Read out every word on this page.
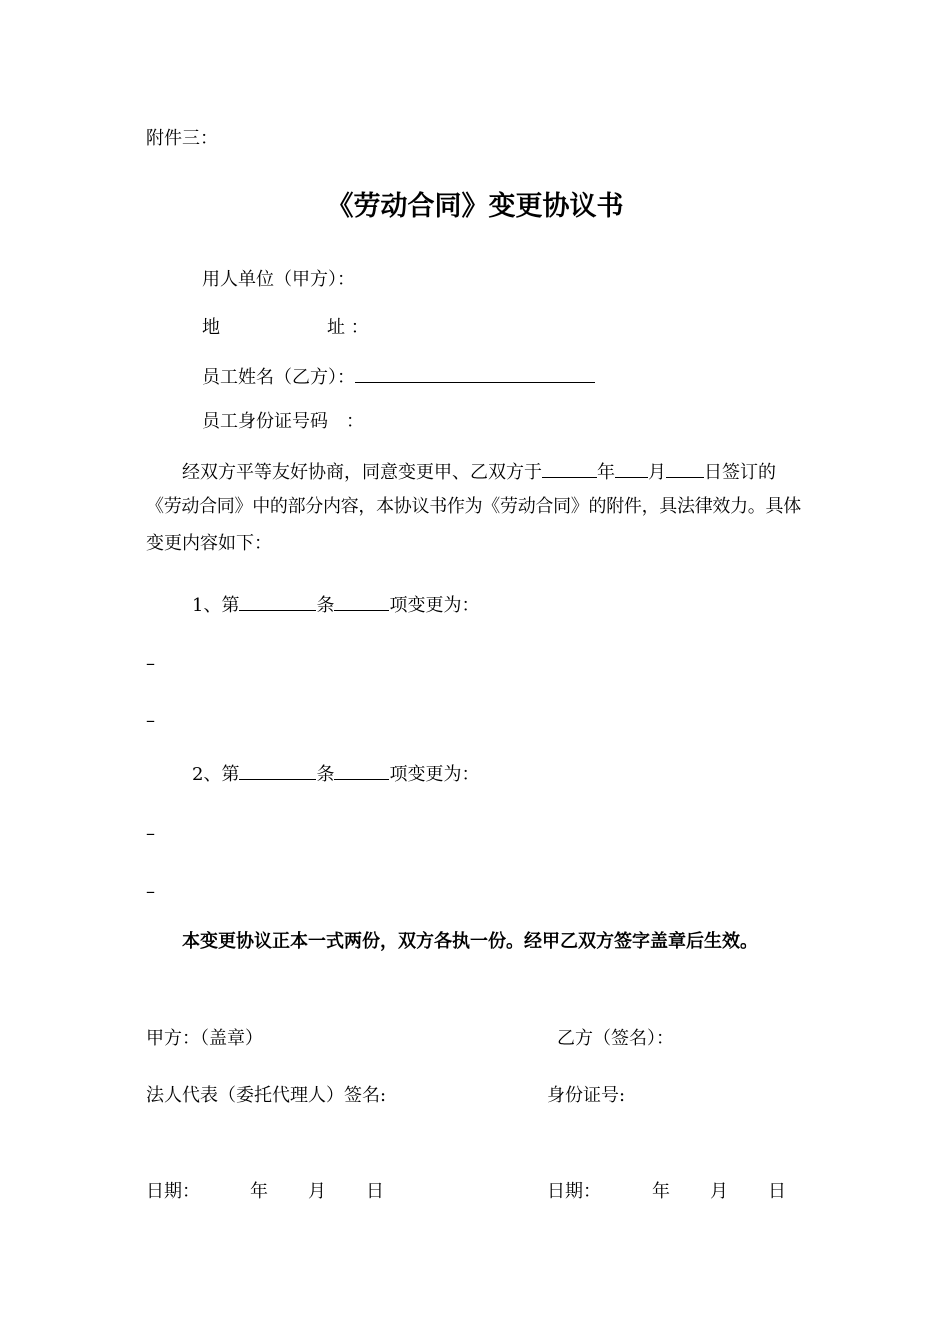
附件三：
《劳动合同》变更协议书
用人单位（甲方）：
地	址 ：
员工姓名（乙方）：
员工身份证号码　：
经双方平等友好协商，同意变更甲、乙双方于	年 月 日签订的
《劳动合同》中的部分内容，本协议书作为《劳动合同》的附件，具法律效力。具体
变更内容如下：
1、第	条	项变更为：
–
–
2、第	条	项变更为：
–
–
本变更协议正本一式两份，双方各执一份。经甲乙双方签字盖章后生效。
甲方：（盖章）	乙方（签名）：
法人代表（委托代理人）签名:	身份证号:
日期：	年 月 日	日期：	年 月 日
